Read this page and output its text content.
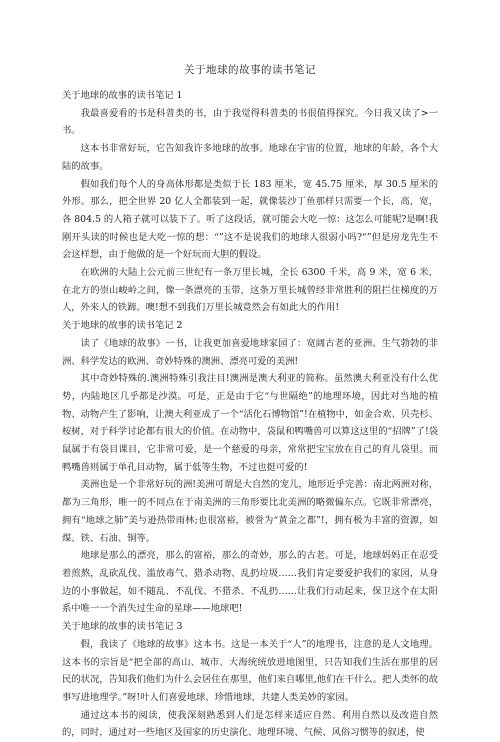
关于地球的故事的读书笔记

关于地球的故事的读书笔记 1

我最喜爱看的书是科普类的书，由于我觉得科普类的书很值得探究。今日我又读了>一书。

这本书非常好玩，它告知我许多地球的故事。地球在宇宙的位置，地球的年龄，各个大陆的故事。

假如我们每个人的身高体形都是类似于长 183 厘米，宽 45.75 厘米，厚 30.5 厘米的外形。那么，把全世界 20 亿人全都装到一起，就像装沙丁鱼那样只需要一个长，高，宽，各 804.5 的人箱子就可以装下了。听了这段话，就可能会大吃一惊：这怎么可能呢?是啊!我刚开头读的时候也是大吃一惊的想：“”这不是说我们的地球人很弱小吗?“”但是房龙先生不会这样想，由于他做的是一个好玩而大胆的假设。

在欧洲的大陆上公元前三世纪有一条万里长城，全长 6300 千米，高 9 米，宽 6 米，在北方的崇山峻岭之间，像一条漂亮的玉带，这条万里长城曾经非常胜利的阻拦住梯度的万人，外来人的铁蹄。噢!想不到我们万里长城竟然会有如此大的作用!

关于地球的故事的读书笔记 2

读了《地球的故事》一书，让我更加喜爱地球家园了：宽阔古老的亚洲、生气勃勃的非洲、科学发达的欧洲、奇妙特殊的澳洲、漂亮可爱的美洲!

其中奇妙特殊的.澳洲特殊引我注目!澳洲是澳大利亚的简称。虽然澳大利亚没有什么优势，内陆地区几乎都是沙漠。可是，正是由于它“与世隔绝”的地理环境，因此对当地的植物、动物产生了影响，让澳大利亚成了一个“活化石博物馆”!在植物中，如金合欢、贝壳杉、桉树，对于科学讨论都有很大的价值。在动物中，袋鼠和鸭嘴兽可以算这这里的“招牌”了!袋鼠属于有袋目课目，它非常可爱，是一个慈爱的母亲，常常把宝宝放在自己的育儿袋里。而鸭嘴兽则属于单孔目动物，属于低等生物，不过也挺可爱的!

美洲也是一个非常好玩的洲!美洲可谓是大自然的宠儿，地形近乎完善：南北两洲对称，都为三角形，唯一的不同点在于南美洲的三角形要比北美洲的略微偏东点。它既非常漂亮，拥有“地球之肺”美与逊热带雨林;也很富裕，被誉为“黄金之都”!，拥有极为丰富的资源，如煤、铁、石油、铜等。

地球是那么的漂亮，那么的富裕，那么的奇妙，那么的古老。可是，地球妈妈正在忍受着煎熬，乱砍乱伐、滥放毒气、猎杀动物、乱扔垃圾……我们肯定要爱护我们的家园，从身边的小事做起，如不随乱、不乱伐、不猎杀、不乱扔……让我们行动起来，保卫这个在太阳系中唯一一个消失过生命的星球——地球吧!

关于地球的故事的读书笔记 3

假，我读了《地球的故事》这本书。这是一本关于“人”的地理书，注意的是人文地理。这本书的宗旨是“把全部的高山、城市、大海统统放进地图里，只告知我们生活在那里的居民的状况，告知我们他们为什么会居住在那里，他们来自哪里,他们在干什么。把人类怀的故事写进地理学。”呀!叶人们喜爱地球、珍惜地球，共建人类美妙的家园。

通过这本书的阅读，使我深刻熟悉到人们是怎样来适应自然、利用自然以及改造自然的，同时，通过对一些地区及国家的历史演化、地理环境、气候、风俗习惯等的叙述，使
